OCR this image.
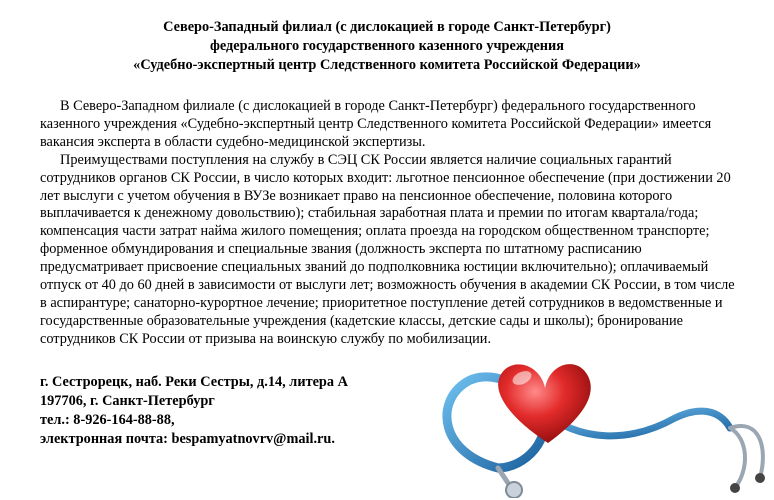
Северо-Западный филиал (с дислокацией в городе Санкт-Петербург)
федерального государственного казенного учреждения
«Судебно-экспертный центр Следственного комитета Российской Федерации»

В Северо-Западном филиале (с дислокацией в городе Санкт-Петербург) федерального государственного казенного учреждения «Судебно-экспертный центр Следственного комитета Российской Федерации» имеется вакансия эксперта в области судебно-медицинской экспертизы.

Преимуществами поступления на службу в СЭЦ СК России является наличие социальных гарантий сотрудников органов СК России, в число которых входит: льготное пенсионное обеспечение (при достижении 20 лет выслуги с учетом обучения в ВУЗе возникает право на пенсионное обеспечение, половина которого выплачивается к денежному довольствию); стабильная заработная плата и премии по итогам квартала/года; компенсация части затрат найма жилого помещения; оплата проезда на городском общественном транспорте; форменное обмундирования и специальные звания (должность эксперта по штатному расписанию предусматривает присвоение специальных званий до подполковника юстиции включительно); оплачиваемый отпуск от 40 до 60 дней в зависимости от выслуги лет; возможность обучения в академии СК России, в том числе в аспирантуре; санаторно-курортное лечение; приоритетное поступление детей сотрудников в ведомственные и государственные образовательные учреждения (кадетские классы, детские сады и школы); бронирование сотрудников СК России от призыва на воинскую службу по мобилизации.

г. Сестрорецк, наб. Реки Сестры, д.14, литера А
197706, г. Санкт-Петербург
тел.: 8-926-164-88-88,
электронная почта: bespamyatnovrv@mail.ru.
